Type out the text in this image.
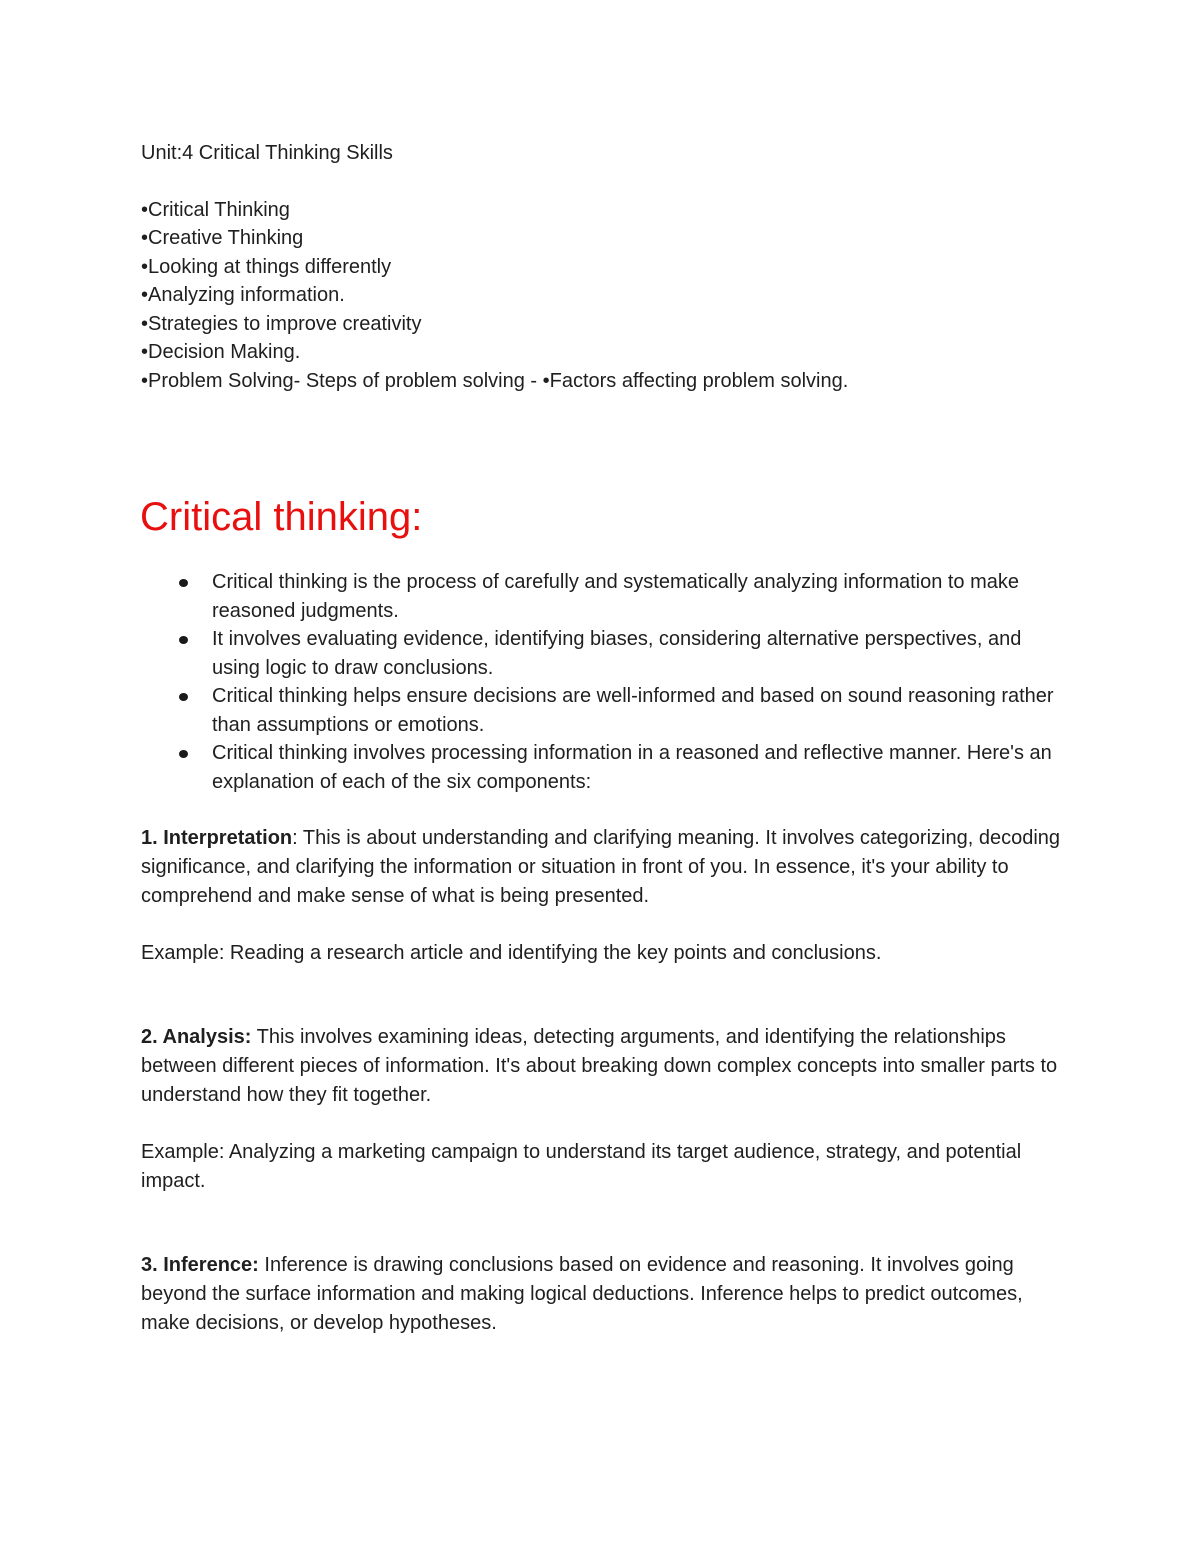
Unit:4 Critical Thinking Skills
•Critical Thinking
•Creative Thinking
•Looking at things differently
•Analyzing information.
•Strategies to improve creativity
•Decision Making.
•Problem Solving- Steps of problem solving - •Factors affecting problem solving.
Critical thinking:
Critical thinking is the process of carefully and systematically analyzing information to make reasoned judgments.
It involves evaluating evidence, identifying biases, considering alternative perspectives, and using logic to draw conclusions.
Critical thinking helps ensure decisions are well-informed and based on sound reasoning rather than assumptions or emotions.
Critical thinking involves processing information in a reasoned and reflective manner. Here's an explanation of each of the six components:

1. Interpretation: This is about understanding and clarifying meaning. It involves categorizing, decoding significance, and clarifying the information or situation in front of you. In essence, it's your ability to comprehend and make sense of what is being presented.

Example: Reading a research article and identifying the key points and conclusions.

2. Analysis: This involves examining ideas, detecting arguments, and identifying the relationships between different pieces of information. It's about breaking down complex concepts into smaller parts to understand how they fit together.

Example: Analyzing a marketing campaign to understand its target audience, strategy, and potential impact.

3. Inference: Inference is drawing conclusions based on evidence and reasoning. It involves going beyond the surface information and making logical deductions. Inference helps to predict outcomes, make decisions, or develop hypotheses.
